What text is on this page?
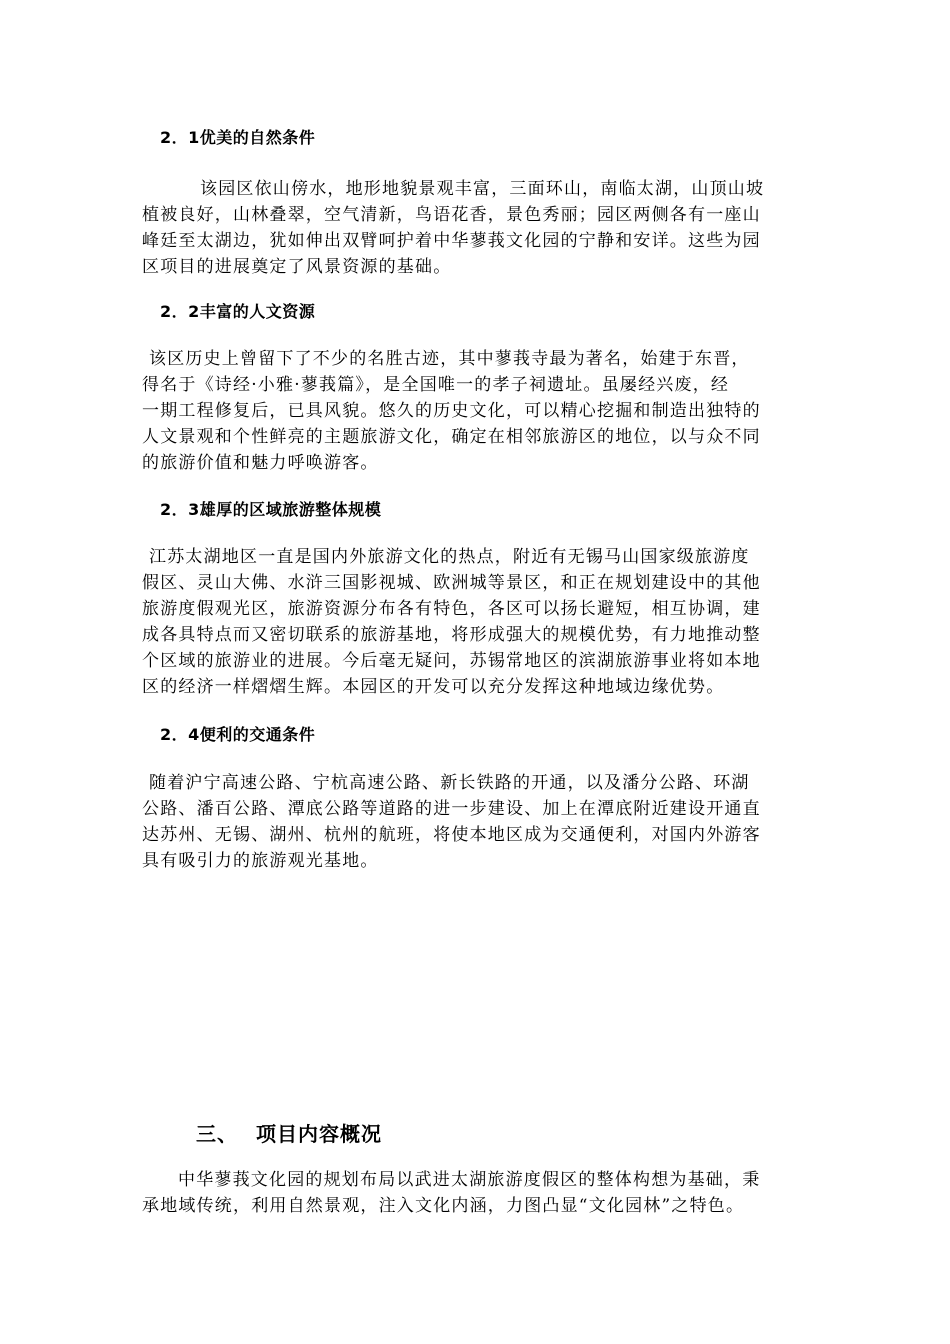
2．1优美的自然条件

该园区依山傍水，地形地貌景观丰富，三面环山，南临太湖，山顶山坡
植被良好，山林叠翠，空气清新，鸟语花香，景色秀丽；园区两侧各有一座山
峰廷至太湖边，犹如伸出双臂呵护着中华蓼莪文化园的宁静和安详。这些为园
区项目的进展奠定了风景资源的基础。

2．2丰富的人文资源

该区历史上曾留下了不少的名胜古迹，其中蓼莪寺最为著名，始建于东晋，
得名于《诗经·小雅·蓼莪篇》，是全国唯一的孝子祠遗址。虽屡经兴废，经
一期工程修复后，已具风貌。悠久的历史文化，可以精心挖掘和制造出独特的
人文景观和个性鲜亮的主题旅游文化，确定在相邻旅游区的地位，以与众不同
的旅游价值和魅力呼唤游客。

2．3雄厚的区域旅游整体规模

江苏太湖地区一直是国内外旅游文化的热点，附近有无锡马山国家级旅游度
假区、灵山大佛、水浒三国影视城、欧洲城等景区，和正在规划建设中的其他
旅游度假观光区，旅游资源分布各有特色，各区可以扬长避短，相互协调，建
成各具特点而又密切联系的旅游基地，将形成强大的规模优势，有力地推动整
个区域的旅游业的进展。今后毫无疑问，苏锡常地区的滨湖旅游事业将如本地
区的经济一样熠熠生辉。本园区的开发可以充分发挥这种地域边缘优势。

2．4便利的交通条件

随着沪宁高速公路、宁杭高速公路、新长铁路的开通，以及潘分公路、环湖
公路、潘百公路、潭底公路等道路的进一步建设、加上在潭底附近建设开通直
达苏州、无锡、湖州、杭州的航班，将使本地区成为交通便利，对国内外游客
具有吸引力的旅游观光基地。

三、 项目内容概况

中华蓼莪文化园的规划布局以武进太湖旅游度假区的整体构想为基础，秉
承地域传统，利用自然景观，注入文化内涵，力图凸显“文化园林”之特色。
